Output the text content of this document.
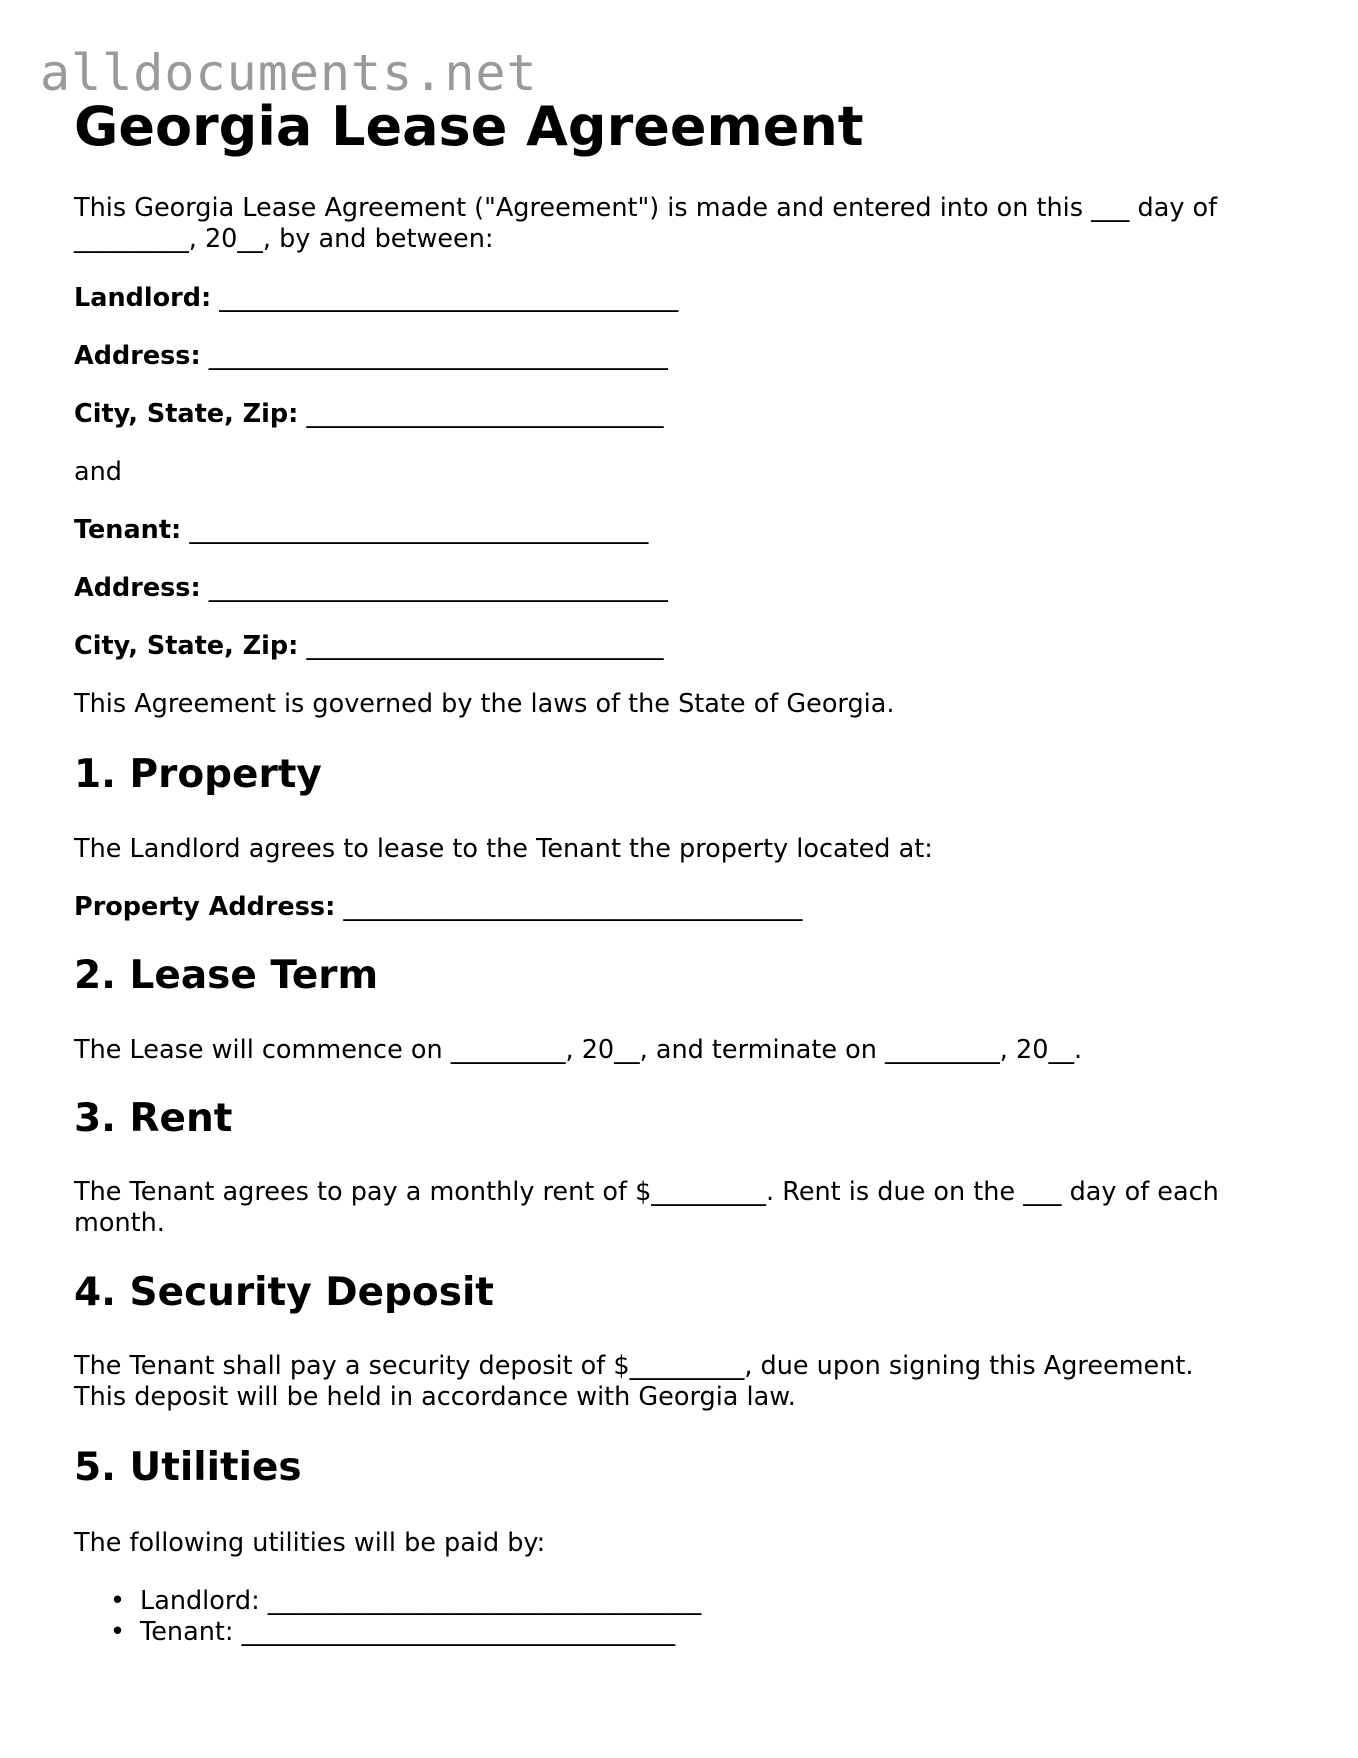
alldocuments.net
Georgia Lease Agreement

This Georgia Lease Agreement ("Agreement") is made and entered into on this ___ day of

_________, 20__, by and between:

Landlord: ____________________________________

Address: ____________________________________

City, State, Zip: ____________________________

and

Tenant: ____________________________________

Address: ____________________________________

City, State, Zip: ____________________________

This Agreement is governed by the laws of the State of Georgia.

1. Property

The Landlord agrees to lease to the Tenant the property located at:

Property Address: ____________________________________

2. Lease Term

The Lease will commence on _________, 20__, and terminate on _________, 20__.

3. Rent

The Tenant agrees to pay a monthly rent of $_________. Rent is due on the ___ day of each

month.

4. Security Deposit

The Tenant shall pay a security deposit of $_________, due upon signing this Agreement.

This deposit will be held in accordance with Georgia law.

5. Utilities

The following utilities will be paid by:

• Landlord: __________________________________
• Tenant: __________________________________
